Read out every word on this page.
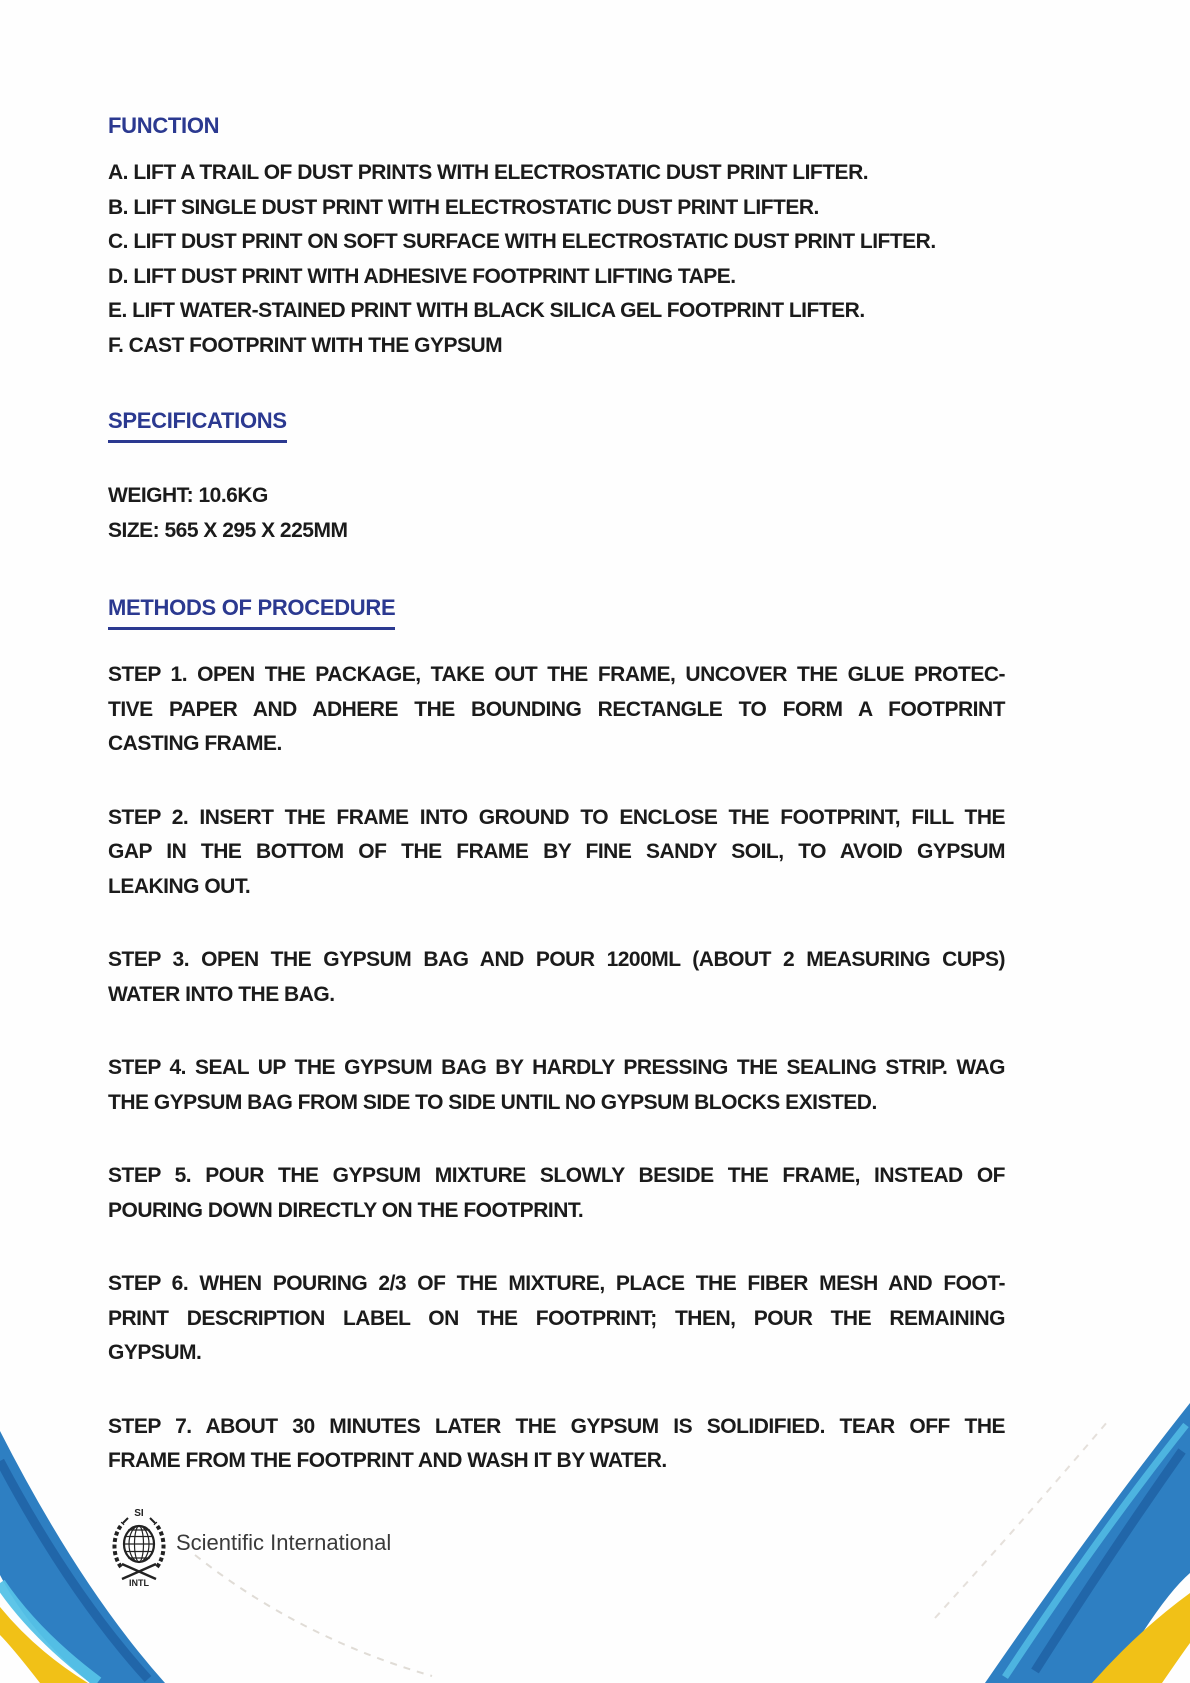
FUNCTION
A. LIFT A TRAIL OF DUST PRINTS WITH ELECTROSTATIC DUST PRINT LIFTER.
B. LIFT SINGLE DUST PRINT WITH ELECTROSTATIC DUST PRINT LIFTER.
C. LIFT DUST PRINT ON SOFT SURFACE WITH ELECTROSTATIC DUST PRINT LIFTER.
D. LIFT DUST PRINT WITH ADHESIVE FOOTPRINT LIFTING TAPE.
E. LIFT WATER-STAINED PRINT WITH BLACK SILICA GEL FOOTPRINT LIFTER.
F. CAST FOOTPRINT WITH THE GYPSUM
SPECIFICATIONS
WEIGHT: 10.6KG
SIZE: 565 X 295 X 225MM
METHODS OF PROCEDURE
STEP 1. OPEN THE PACKAGE, TAKE OUT THE FRAME, UNCOVER THE GLUE PROTEC-
TIVE PAPER AND ADHERE THE BOUNDING RECTANGLE TO FORM A FOOTPRINT
CASTING FRAME.
STEP 2. INSERT THE FRAME INTO GROUND TO ENCLOSE THE FOOTPRINT, FILL THE
GAP IN THE BOTTOM OF THE FRAME BY FINE SANDY SOIL, TO AVOID GYPSUM
LEAKING OUT.
STEP 3. OPEN THE GYPSUM BAG AND POUR 1200ML (ABOUT 2 MEASURING CUPS)
WATER INTO THE BAG.
STEP 4. SEAL UP THE GYPSUM BAG BY HARDLY PRESSING THE SEALING STRIP. WAG
THE GYPSUM BAG FROM SIDE TO SIDE UNTIL NO GYPSUM BLOCKS EXISTED.
STEP 5. POUR THE GYPSUM MIXTURE SLOWLY BESIDE THE FRAME, INSTEAD OF
POURING DOWN DIRECTLY ON THE FOOTPRINT.
STEP 6. WHEN POURING 2/3 OF THE MIXTURE, PLACE THE FIBER MESH AND FOOT-
PRINT DESCRIPTION LABEL ON THE FOOTPRINT; THEN, POUR THE REMAINING
GYPSUM.
STEP 7. ABOUT 30 MINUTES LATER THE GYPSUM IS SOLIDIFIED. TEAR OFF THE
FRAME FROM THE FOOTPRINT AND WASH IT BY WATER.
SI
INTL
Scientific International
